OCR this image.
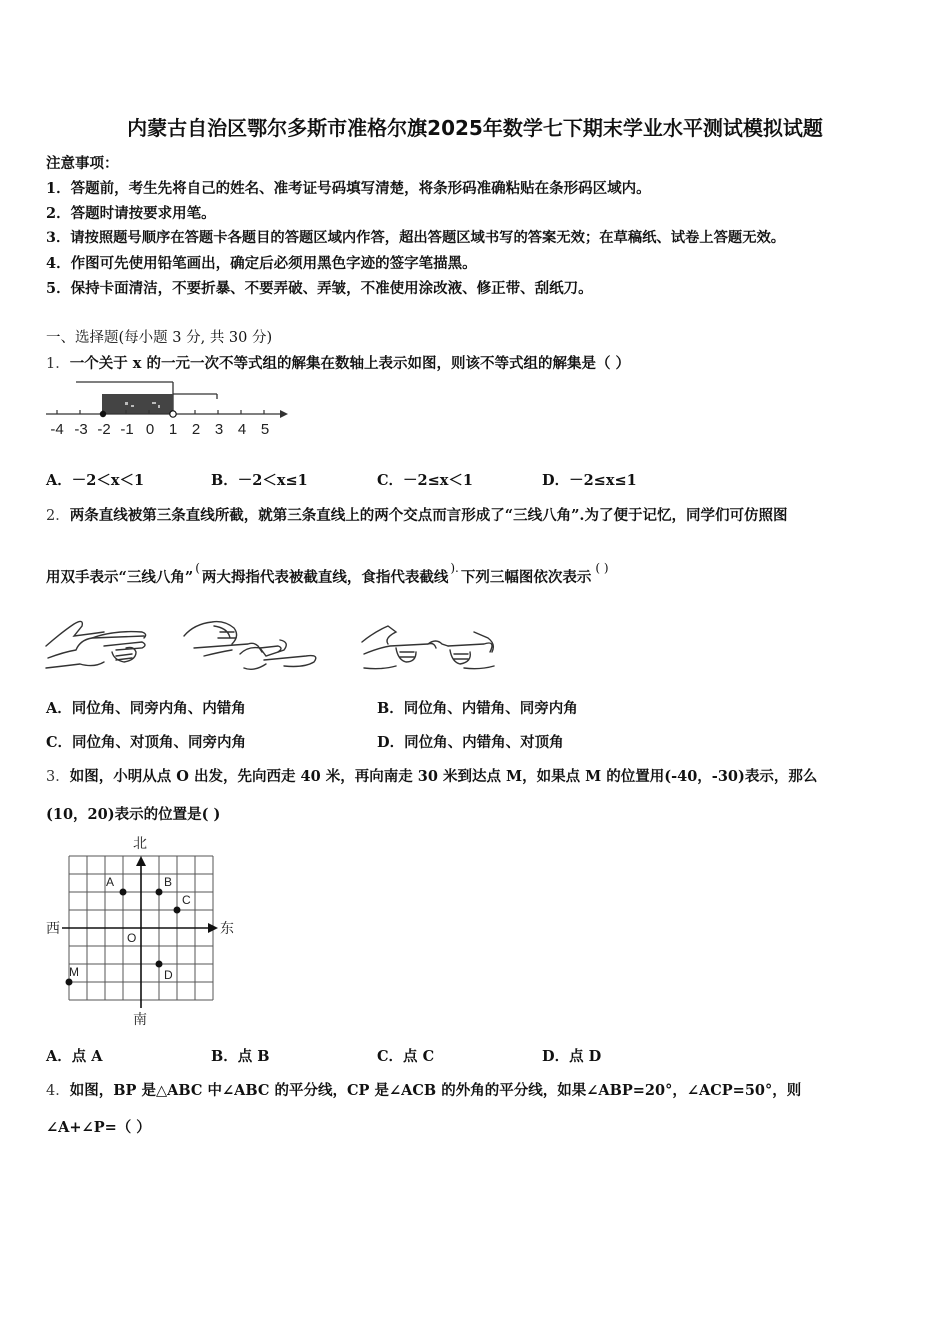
内蒙古自治区鄂尔多斯市准格尔旗2025年数学七下期末学业水平测试模拟试题
注意事项：
1．答题前，考生先将自己的姓名、准考证号码填写清楚，将条形码准确粘贴在条形码区域内。
2．答题时请按要求用笔。
3．请按照题号顺序在答题卡各题目的答题区域内作答，超出答题区域书写的答案无效；在草稿纸、试卷上答题无效。
4．作图可先使用铅笔画出，确定后必须用黑色字迹的签字笔描黑。
5．保持卡面清洁，不要折暴、不要弄破、弄皱，不准使用涂改液、修正带、刮纸刀。
一、选择题(每小题 3 分, 共 30 分)
1．一个关于 x 的一元一次不等式组的解集在数轴上表示如图，则该不等式组的解集是（ ）
-4 -3 -2 -1 0 1 2 3 4 5
A．－2＜x＜1	B．－2＜x≤1	C．－2≤x＜1	D．－2≤x≤1
2．两条直线被第三条直线所截，就第三条直线上的两个交点而言形成了“三线八角”.为了便于记忆，同学们可仿照图
用双手表示“三线八角”(两大拇指代表被截直线，食指代表截线).下列三幅图依次表示( )
A．同位角、同旁内角、内错角	B．同位角、内错角、同旁内角
C．同位角、对顶角、同旁内角	D．同位角、内错角、对顶角
3．如图，小明从点 O 出发，先向西走 40 米，再向南走 30 米到达点 M，如果点 M 的位置用(-40，-30)表示，那么
(10，20)表示的位置是( )
北
南
西	东
O
A	B
C
D
M
A．点 A	B．点 B	C．点 C	D．点 D
4．如图，BP 是△ABC 中∠ABC 的平分线，CP 是∠ACB 的外角的平分线，如果∠ABP=20°，∠ACP=50°，则
∠A+∠P=（ ）
